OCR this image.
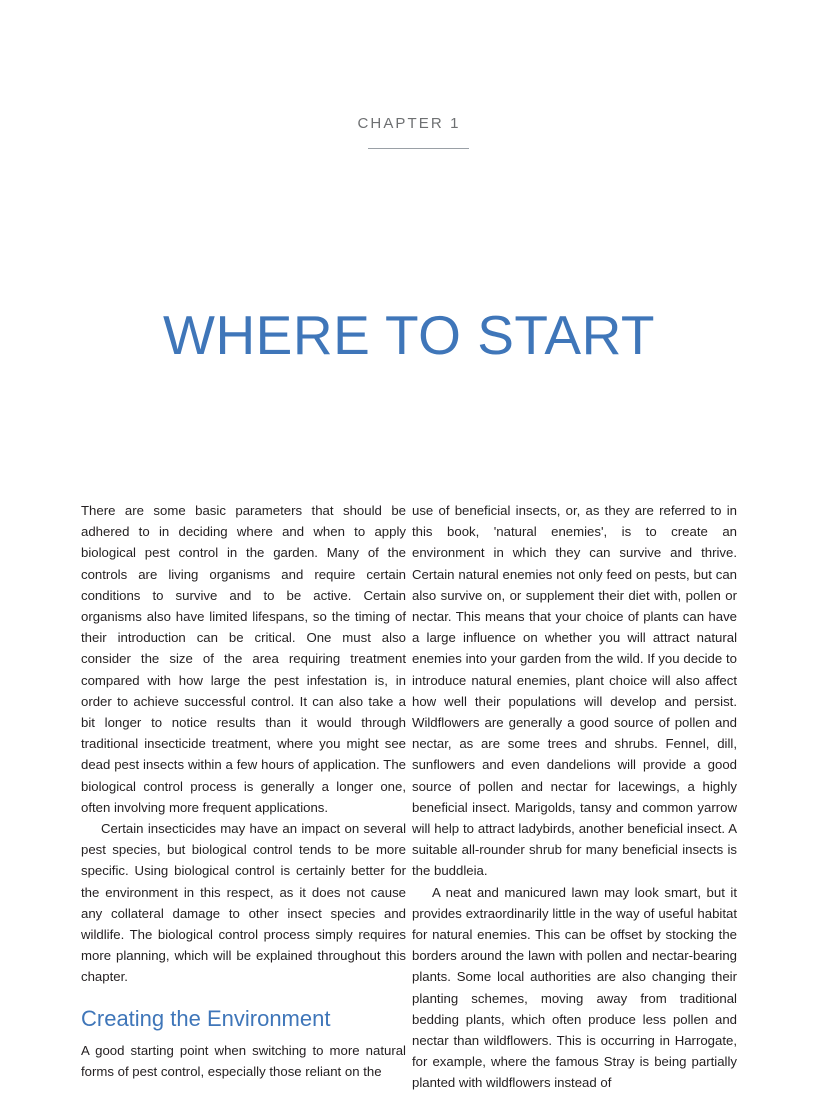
CHAPTER 1
WHERE TO START

There are some basic parameters that should be adhered to in deciding where and when to apply biological pest control in the garden. Many of the controls are living organisms and require certain conditions to survive and to be active. Certain organisms also have limited lifespans, so the timing of their introduction can be critical. One must also consider the size of the area requiring treatment compared with how large the pest infestation is, in order to achieve successful control. It can also take a bit longer to notice results than it would through traditional insecticide treatment, where you might see dead pest insects within a few hours of application. The biological control process is generally a longer one, often involving more frequent applications.

Certain insecticides may have an impact on several pest species, but biological control tends to be more specific. Using biological control is certainly better for the environment in this respect, as it does not cause any collateral damage to other insect species and wildlife. The biological control process simply requires more planning, which will be explained throughout this chapter.

Creating the Environment

A good starting point when switching to more natural forms of pest control, especially those reliant on the

use of beneficial insects, or, as they are referred to in this book, 'natural enemies', is to create an environment in which they can survive and thrive. Certain natural enemies not only feed on pests, but can also survive on, or supplement their diet with, pollen or nectar. This means that your choice of plants can have a large influence on whether you will attract natural enemies into your garden from the wild. If you decide to introduce natural enemies, plant choice will also affect how well their populations will develop and persist. Wildflowers are generally a good source of pollen and nectar, as are some trees and shrubs. Fennel, dill, sunflowers and even dandelions will provide a good source of pollen and nectar for lacewings, a highly beneficial insect. Marigolds, tansy and common yarrow will help to attract ladybirds, another beneficial insect. A suitable all-rounder shrub for many beneficial insects is the buddleia.

A neat and manicured lawn may look smart, but it provides extraordinarily little in the way of useful habitat for natural enemies. This can be offset by stocking the borders around the lawn with pollen and nectar-bearing plants. Some local authorities are also changing their planting schemes, moving away from traditional bedding plants, which often produce less pollen and nectar than wildflowers. This is occurring in Harrogate, for example, where the famous Stray is being partially planted with wildflowers instead of
